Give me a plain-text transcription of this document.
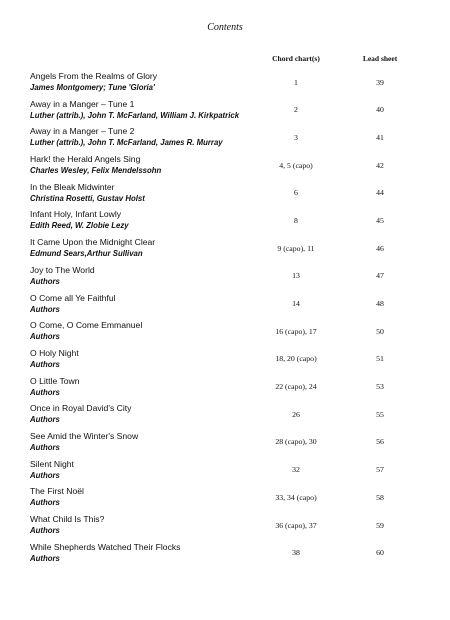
Contents
Chord chart(s)	Lead sheet
Angels From the Realms of Glory
James Montgomery; Tune 'Gloria'
1	39
Away in a Manger – Tune 1
Luther (attrib.), John T. McFarland, William J. Kirkpatrick
2	40
Away in a Manger – Tune 2
Luther (attrib.), John T. McFarland, James R. Murray
3	41
Hark! the Herald Angels Sing
Charles Wesley, Felix Mendelssohn
4, 5 (capo)	42
In the Bleak Midwinter
Christina Rosetti, Gustav Holst
6	44
Infant Holy, Infant Lowly
Edith Reed, W. Zlobie Lezy
8	45
It Came Upon the Midnight Clear
Edmund Sears,Arthur Sullivan
9 (capo), 11	46
Joy to The World
Authors
13	47
O Come all Ye Faithful
Authors
14	48
O Come, O Come Emmanuel
Authors
16 (capo), 17	50
O Holy Night
Authors
18, 20 (capo)	51
O Little Town
Authors
22 (capo), 24	53
Once in Royal David's City
Authors
26	55
See Amid the Winter's Snow
Authors
28 (capo), 30	56
Silent Night
Authors
32	57
The First Noël
Authors
33, 34 (capo)	58
What Child Is This?
Authors
36 (capo), 37	59
While Shepherds Watched Their Flocks
Authors
38	60
